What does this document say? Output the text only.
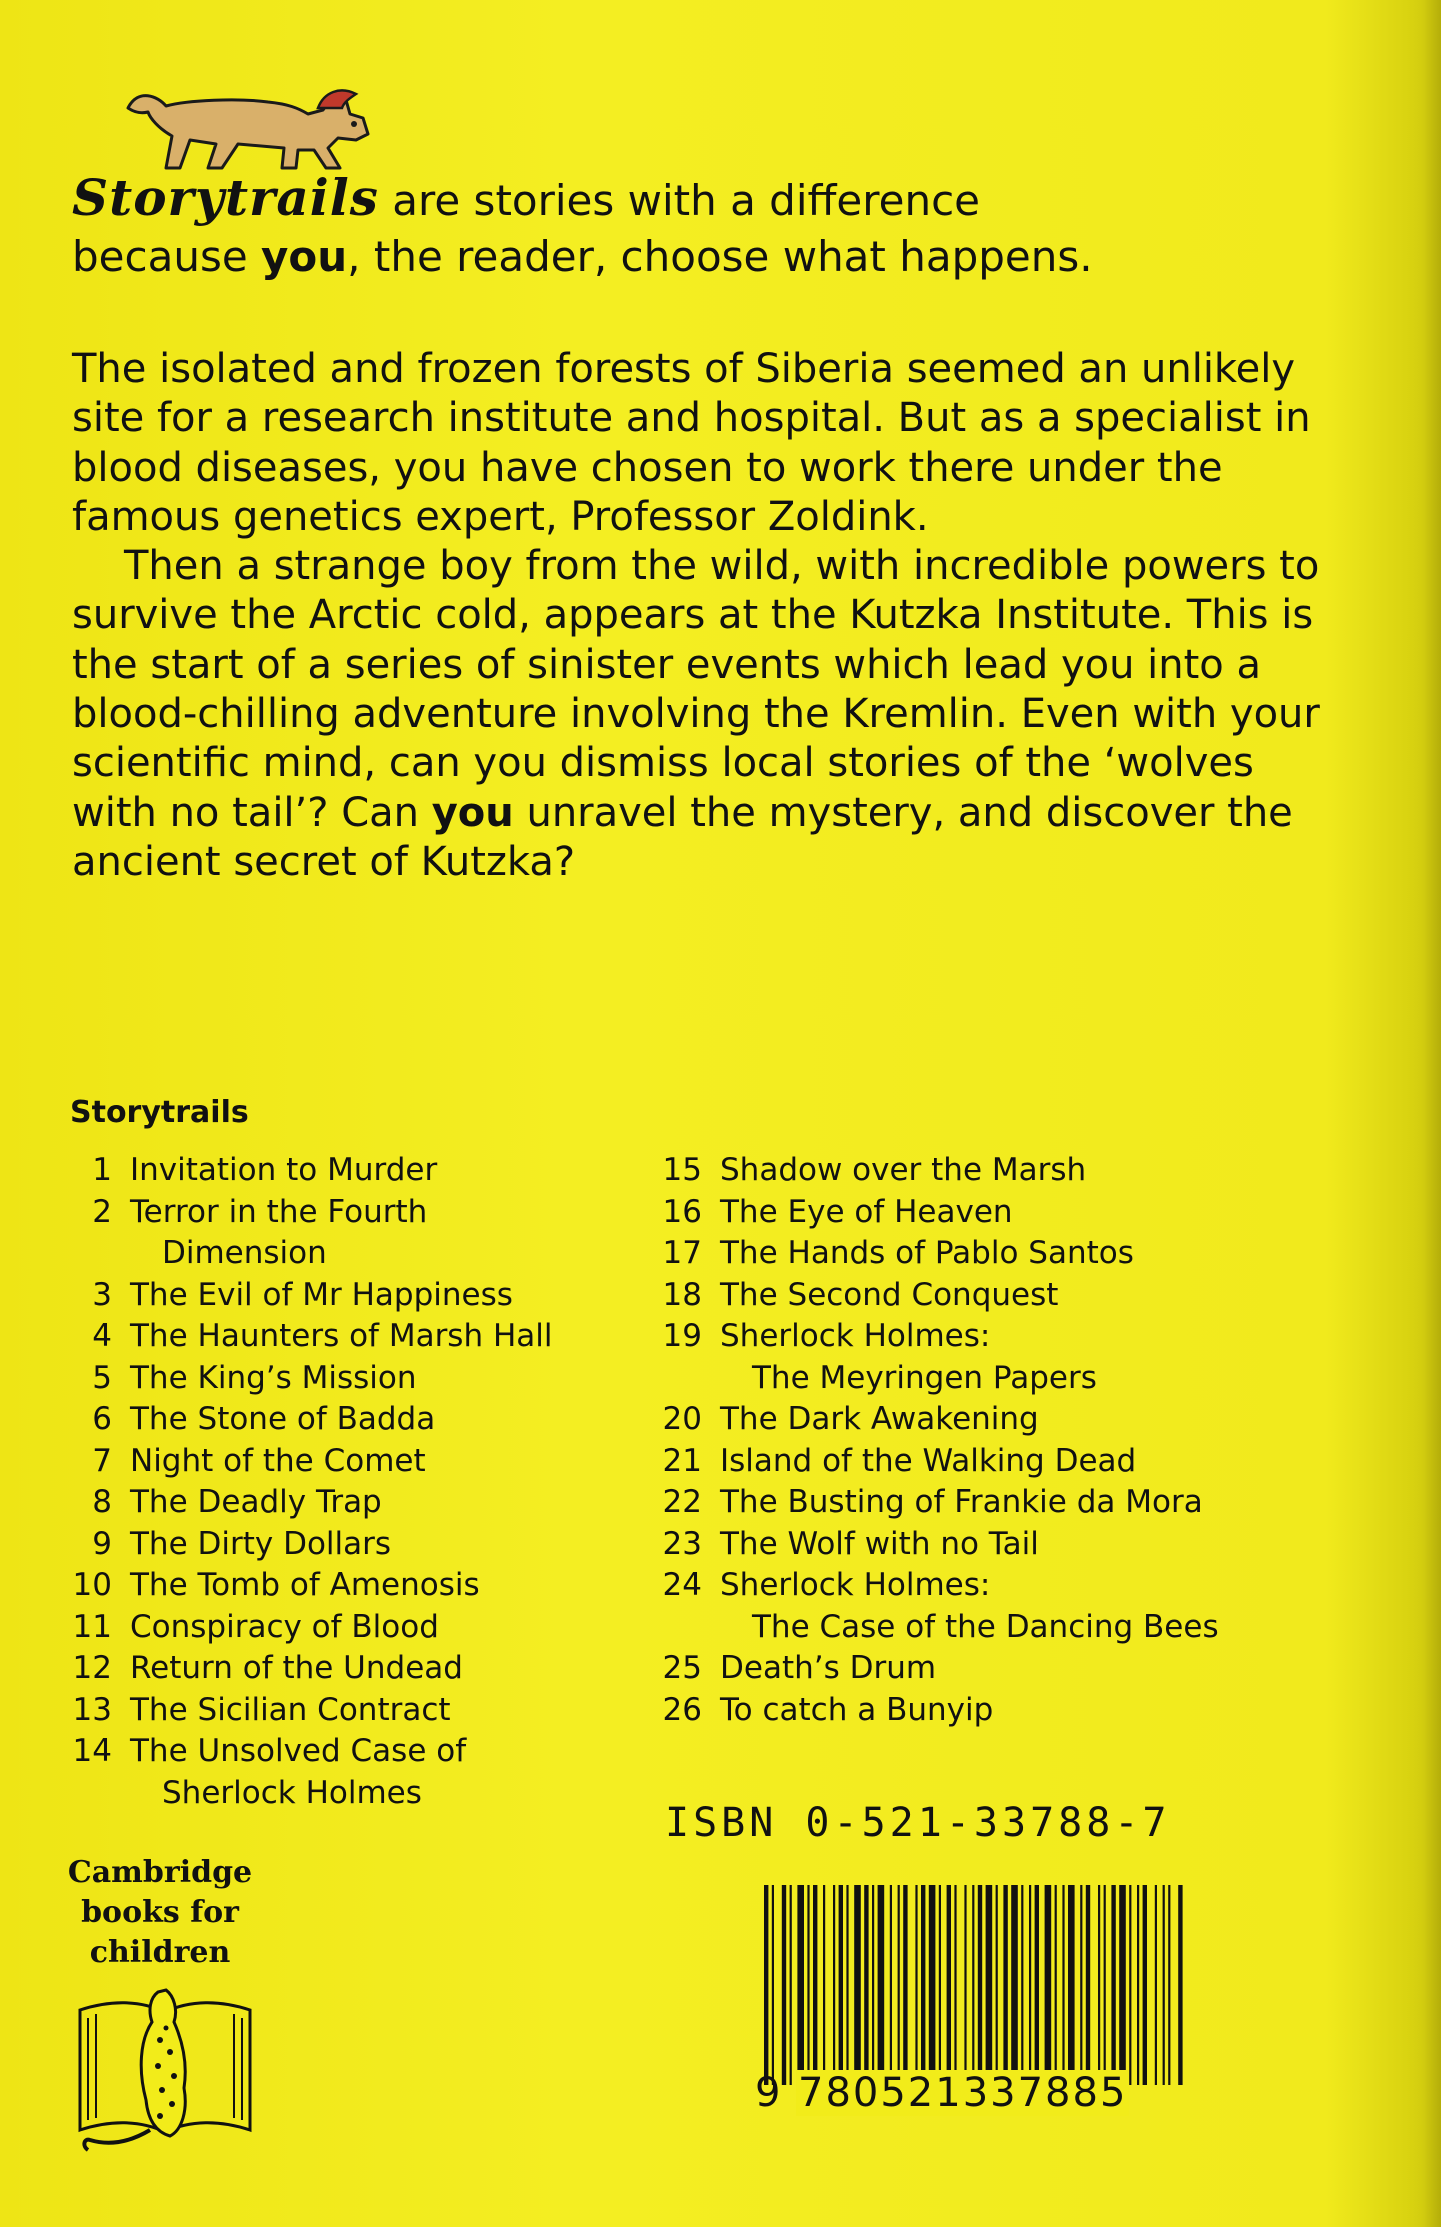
Storytrails are stories with a difference
because you, the reader, choose what happens.

The isolated and frozen forests of Siberia seemed an unlikely site for a research institute and hospital. But as a specialist in blood diseases, you have chosen to work there under the famous genetics expert, Professor Zoldink.

Then a strange boy from the wild, with incredible powers to survive the Arctic cold, appears at the Kutzka Institute. This is the start of a series of sinister events which lead you into a blood-chilling adventure involving the Kremlin. Even with your scientific mind, can you dismiss local stories of the ‘wolves with no tail’? Can you unravel the mystery, and discover the ancient secret of Kutzka?

Storytrails
1 Invitation to Murder
2 Terror in the Fourth
Dimension
3 The Evil of Mr Happiness
4 The Haunters of Marsh Hall
5 The King’s Mission
6 The Stone of Badda
7 Night of the Comet
8 The Deadly Trap
9 The Dirty Dollars
10 The Tomb of Amenosis
11 Conspiracy of Blood
12 Return of the Undead
13 The Sicilian Contract
14 The Unsolved Case of
Sherlock Holmes
15 Shadow over the Marsh
16 The Eye of Heaven
17 The Hands of Pablo Santos
18 The Second Conquest
19 Sherlock Holmes:
The Meyringen Papers
20 The Dark Awakening
21 Island of the Walking Dead
22 The Busting of Frankie da Mora
23 The Wolf with no Tail
24 Sherlock Holmes:
The Case of the Dancing Bees
25 Death’s Drum
26 To catch a Bunyip
ISBN 0-521-33788-7
Cambridge
books for
children
9 780521337885
